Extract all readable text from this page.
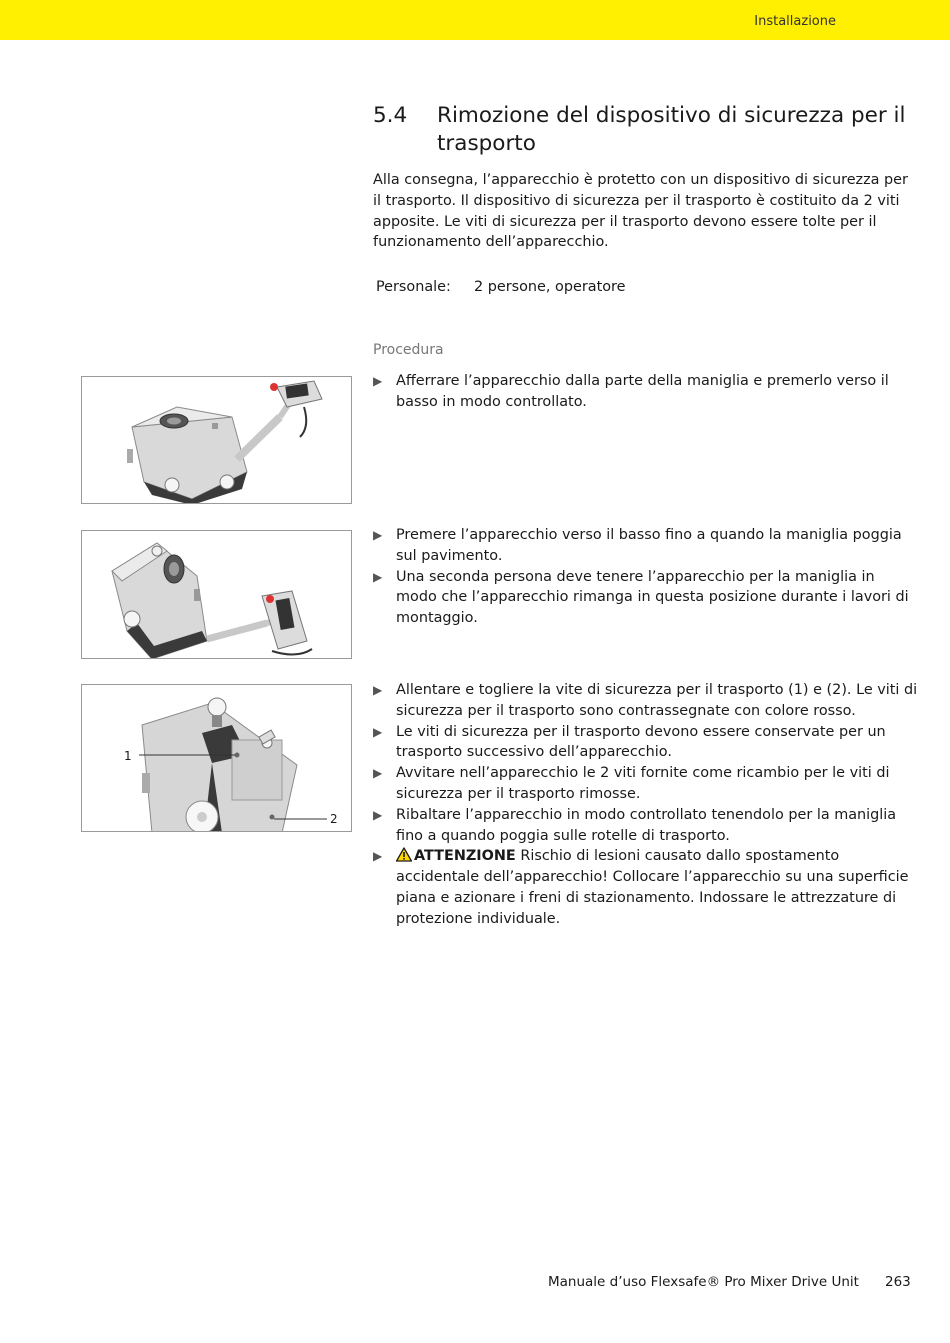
Installazione
5.4 Rimozione del dispositivo di sicurezza per il trasporto

Alla consegna, l’apparecchio è protetto con un dispositivo di sicurezza per il trasporto. Il dispositivo di sicurezza per il trasporto è costituito da 2 viti apposite. Le viti di sicurezza per il trasporto devono essere tolte per il funzionamento dell’apparecchio.

Personale: 2 persone, operatore
Procedura
▶ Afferrare l’apparecchio dalla parte della maniglia e premerlo verso il basso in modo controllato.
▶ Premere l’apparecchio verso il basso fino a quando la maniglia poggia sul pavimento.
▶ Una seconda persona deve tenere l’apparecchio per la maniglia in modo che l’apparecchio rimanga in questa posizione durante i lavori di montaggio.
1
2
▶ Allentare e togliere la vite di sicurezza per il trasporto (1) e (2). Le viti di sicurezza per il trasporto sono contrassegnate con colore rosso.
▶ Le viti di sicurezza per il trasporto devono essere conservate per un trasporto successivo dell’apparecchio.
▶ Avvitare nell’apparecchio le 2 viti fornite come ricambio per le viti di sicurezza per il trasporto rimosse.
▶ Ribaltare l’apparecchio in modo controllato tenendolo per la maniglia fino a quando poggia sulle rotelle di trasporto.
▶ ATTENZIONE Rischio di lesioni causato dallo spostamento accidentale dell’apparecchio! Collocare l’apparecchio su una superficie piana e azionare i freni di stazionamento. Indossare le attrezzature di protezione individuale.
Manuale d’uso Flexsafe® Pro Mixer Drive Unit 263
